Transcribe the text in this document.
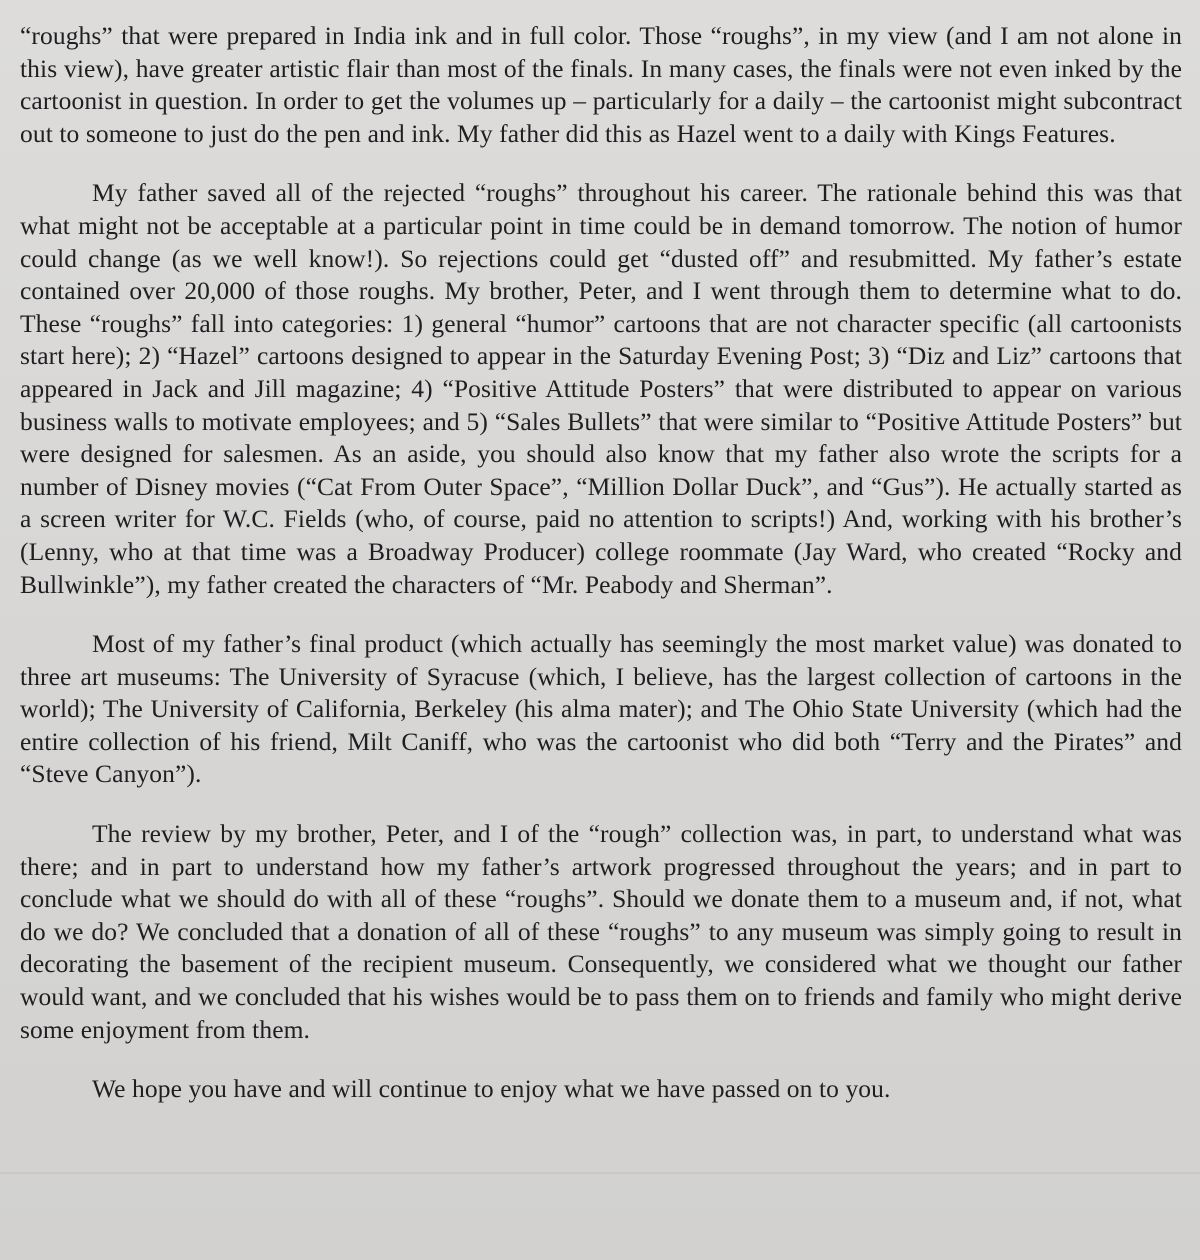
“roughs” that were prepared in India ink and in full color. Those “roughs”, in my view (and I am not alone in this view), have greater artistic flair than most of the finals. In many cases, the finals were not even inked by the cartoonist in question. In order to get the volumes up – particularly for a daily – the cartoonist might subcontract out to someone to just do the pen and ink. My father did this as Hazel went to a daily with Kings Features.

My father saved all of the rejected “roughs” throughout his career. The rationale behind this was that what might not be acceptable at a particular point in time could be in demand tomorrow. The notion of humor could change (as we well know!). So rejections could get “dusted off” and resubmitted. My father’s estate contained over 20,000 of those roughs. My brother, Peter, and I went through them to determine what to do. These “roughs” fall into categories: 1) general “humor” cartoons that are not character specific (all cartoonists start here); 2) “Hazel” cartoons designed to appear in the Saturday Evening Post; 3) “Diz and Liz” cartoons that appeared in Jack and Jill magazine; 4) “Positive Attitude Posters” that were distributed to appear on various business walls to motivate employees; and 5) “Sales Bullets” that were similar to “Positive Attitude Posters” but were designed for salesmen. As an aside, you should also know that my father also wrote the scripts for a number of Disney movies (“Cat From Outer Space”, “Million Dollar Duck”, and “Gus”). He actually started as a screen writer for W.C. Fields (who, of course, paid no attention to scripts!) And, working with his brother’s (Lenny, who at that time was a Broadway Producer) college roommate (Jay Ward, who created “Rocky and Bullwinkle”), my father created the characters of “Mr. Peabody and Sherman”.

Most of my father’s final product (which actually has seemingly the most market value) was donated to three art museums: The University of Syracuse (which, I believe, has the largest collection of cartoons in the world); The University of California, Berkeley (his alma mater); and The Ohio State University (which had the entire collection of his friend, Milt Caniff, who was the cartoonist who did both “Terry and the Pirates” and “Steve Canyon”).

The review by my brother, Peter, and I of the “rough” collection was, in part, to understand what was there; and in part to understand how my father’s artwork progressed throughout the years; and in part to conclude what we should do with all of these “roughs”. Should we donate them to a museum and, if not, what do we do? We concluded that a donation of all of these “roughs” to any museum was simply going to result in decorating the basement of the recipient museum. Consequently, we considered what we thought our father would want, and we concluded that his wishes would be to pass them on to friends and family who might derive some enjoyment from them.

We hope you have and will continue to enjoy what we have passed on to you.
